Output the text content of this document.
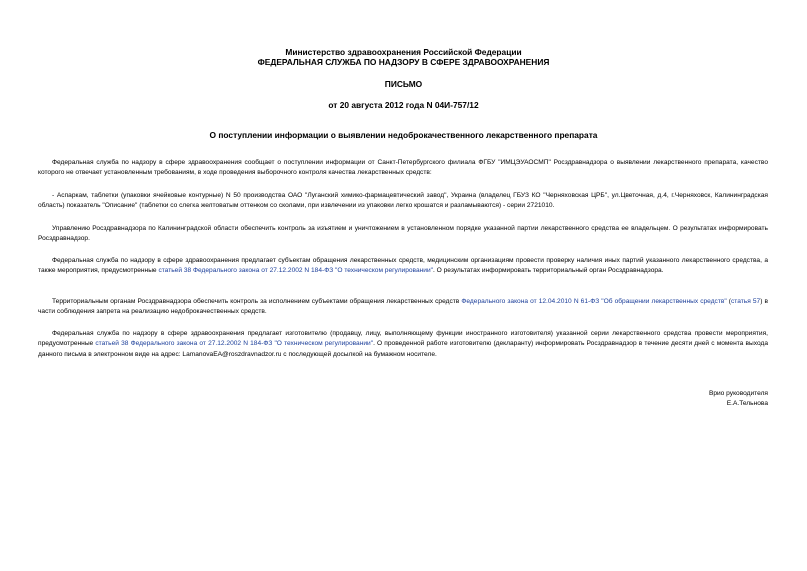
Министерство здравоохранения Российской Федерации
ФЕДЕРАЛЬНАЯ СЛУЖБА ПО НАДЗОРУ В СФЕРЕ ЗДРАВООХРАНЕНИЯ
ПИСЬМО
от 20 августа 2012 года N 04И-757/12
О поступлении информации о выявлении недоброкачественного лекарственного препарата
Федеральная служба по надзору в сфере здравоохранения сообщает о поступлении информации от Санкт-Петербургского филиала ФГБУ "ИМЦЭУАОСМП" Росздравнадзора о выявлении лекарственного препарата, качество которого не отвечает установленным требованиям, в ходе проведения выборочного контроля качества лекарственных средств:
- Аспаркам, таблетки (упаковки ячейковые контурные) N 50 производства ОАО "Луганский химико-фармацевтический завод", Украина (владелец ГБУЗ КО "Черняховская ЦРБ", ул.Цветочная, д.4, г.Черняховск, Калининградская область) показатель "Описание" (таблетки со слегка желтоватым оттенком со сколами, при извлечении из упаковки легко крошатся и разламываются) - серии 2721010.
Управлению Росздравнадзора по Калининградской области обеспечить контроль за изъятием и уничтожением в установленном порядке указанной партии лекарственного средства ее владельцем. О результатах информировать Росздравнадзор.
Федеральная служба по надзору в сфере здравоохранения предлагает субъектам обращения лекарственных средств, медицинским организациям провести проверку наличия иных партий указанного лекарственного средства, а также мероприятия, предусмотренные статьей 38 Федерального закона от 27.12.2002 N 184-ФЗ "О техническом регулировании". О результатах информировать территориальный орган Росздравнадзора.
Территориальным органам Росздравнадзора обеспечить контроль за исполнением субъектами обращения лекарственных средств Федерального закона от 12.04.2010 N 61-ФЗ "Об обращении лекарственных средств" (статья 57) в части соблюдения запрета на реализацию недоброкачественных средств.
Федеральная служба по надзору в сфере здравоохранения предлагает изготовителю (продавцу, лицу, выполняющему функции иностранного изготовителя) указанной серии лекарственного средства провести мероприятия, предусмотренные статьей 38 Федерального закона от 27.12.2002 N 184-ФЗ "О техническом регулировании". О проведенной работе изготовителю (декларанту) информировать Росздравнадзор в течение десяти дней с момента выхода данного письма в электронном виде на адрес: LamanovaEA@roszdravnadzor.ru с последующей досылкой на бумажном носителе.
Врио руководителя
Е.А.Тельнова
